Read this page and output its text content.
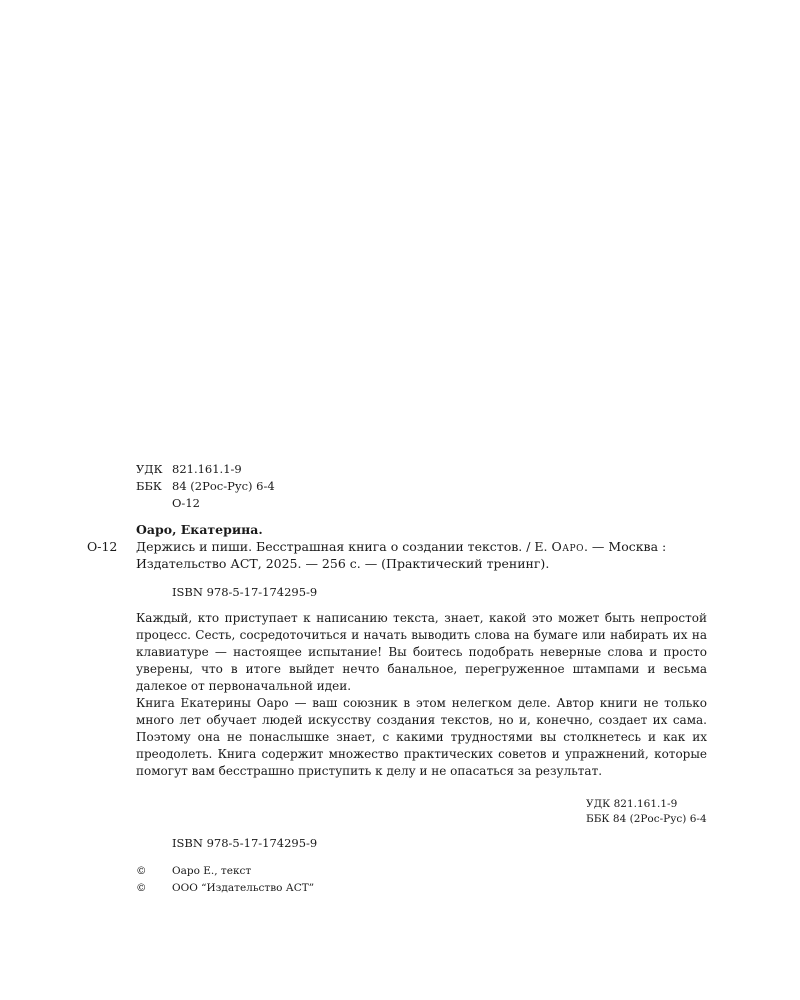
УДК 821.161.1-9
ББК 84 (2Рос-Рус) 6-4
О-12
О-12
Оаро, Екатерина.
Держись и пиши. Бесстрашная книга о создании текстов. / Е. Оаро. — Москва :
Издательство АСТ, 2025. — 256 с. — (Практический тренинг).
ISBN 978-5-17-174295-9

Каждый, кто приступает к написанию текста, знает, какой это может быть непростой процесс. Сесть, сосредоточиться и начать выводить слова на бумаге или набирать их на клавиатуре — настоящее испытание! Вы боитесь подобрать неверные слова и просто уверены, что в итоге выйдет нечто банальное, перегруженное штампами и весьма далекое от первоначальной идеи.

Книга Екатерины Оаро — ваш союзник в этом нелегком деле. Автор книги не только много лет обучает людей искусству создания текстов, но и, конечно, создает их сама. Поэтому она не понаслышке знает, с какими трудностями вы столкнетесь и как их преодолеть. Книга содержит множество практических советов и упражнений, которые помогут вам бесстрашно приступить к делу и не опасаться за результат.

УДК 821.161.1-9
ББК 84 (2Рос-Рус) 6-4
ISBN 978-5-17-174295-9
©	Оаро Е., текст
©	ООО “Издательство АСТ”
